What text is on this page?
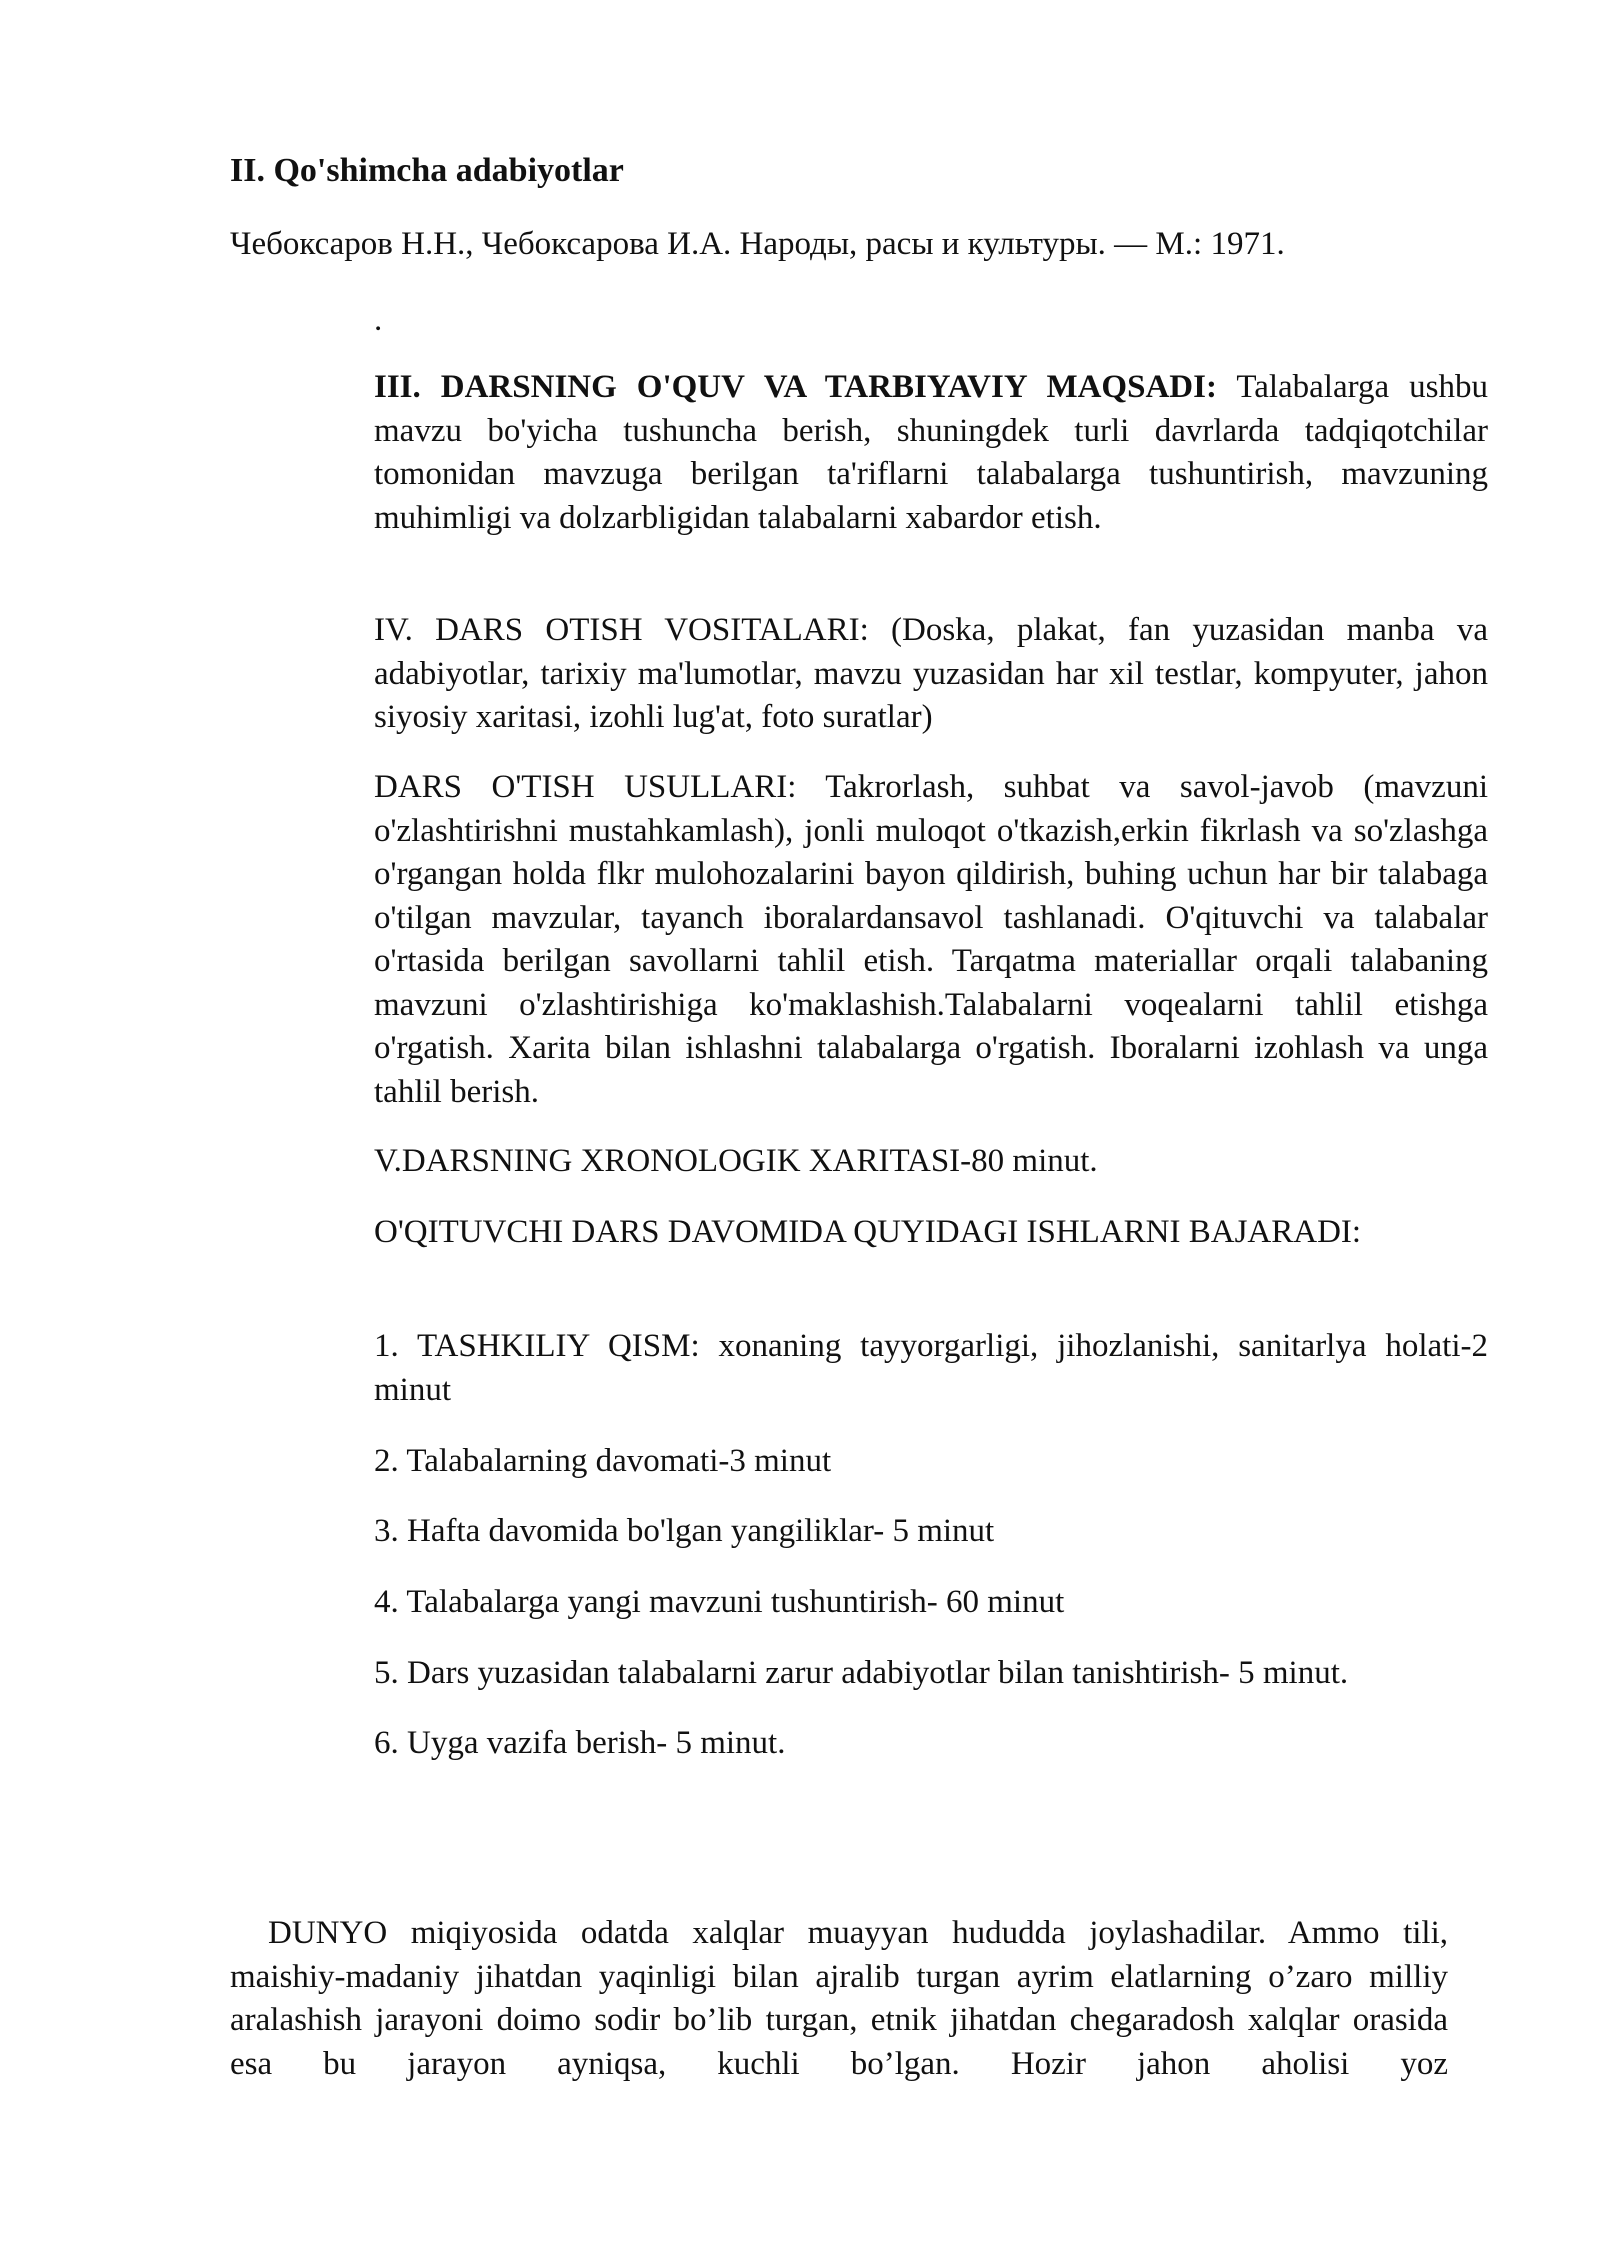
II. Qo'shimcha adabiyotlar

Чебоксаров Н.Н., Чебоксарова И.А. Народы, расы и культуры. — М.: 1971.

.

III. DARSNING O'QUV VA TARBIYAVIY MAQSADI: Talabalarga ushbu mavzu bo'yicha tushuncha berish, shuningdek turli davrlarda tadqiqotchilar tomonidan mavzuga berilgan ta'riflarni talabalarga tushuntirish, mavzuning muhimligi va dolzarbligidan talabalarni xabardor etish.

IV. DARS OTISH VOSITALARI: (Doska, plakat, fan yuzasidan manba va adabiyotlar, tarixiy ma'lumotlar, mavzu yuzasidan har xil testlar, kompyuter, jahon siyosiy xaritasi, izohli lug'at, foto suratlar)

DARS O'TISH USULLARI: Takrorlash, suhbat va savol-javob (mavzuni o'zlashtirishni mustahkamlash), jonli muloqot o'tkazish,erkin fikrlash va so'zlashga o'rgangan holda flkr mulohozalarini bayon qildirish, buhing uchun har bir talabaga o'tilgan mavzular, tayanch iboralardansavol tashlanadi. O'qituvchi va talabalar o'rtasida berilgan savollarni tahlil etish. Tarqatma materiallar orqali talabaning mavzuni o'zlashtirishiga ko'maklashish.Talabalarni voqealarni tahlil etishga o'rgatish. Xarita bilan ishlashni talabalarga o'rgatish. Iboralarni izohlash va unga tahlil berish.

V.DARSNING XRONOLOGIK XARITASI-80 minut.

O'QITUVCHI DARS DAVOMIDA QUYIDAGI ISHLARNI BAJARADI:

1. TASHKILIY QISM: xonaning tayyorgarligi, jihozlanishi, sanitarlya holati-2 minut

2. Talabalarning davomati-3 minut

3. Hafta davomida bo'lgan yangiliklar- 5 minut

4. Talabalarga yangi mavzuni tushuntirish- 60 minut

5. Dars yuzasidan talabalarni zarur adabiyotlar bilan tanishtirish- 5 minut.

6. Uyga vazifa berish- 5 minut.

DUNYO miqiyosida odatda xalqlar muayyan hududda joylashadilar. Ammo tili, maishiy-madaniy jihatdan yaqinligi bilan ajralib turgan ayrim elatlarning o’zaro milliy aralashish jarayoni doimo sodir bo’lib turgan, etnik jihatdan chegaradosh xalqlar orasida esa bu jarayon ayniqsa, kuchli bo’lgan. Hozir jahon aholisi yoz
